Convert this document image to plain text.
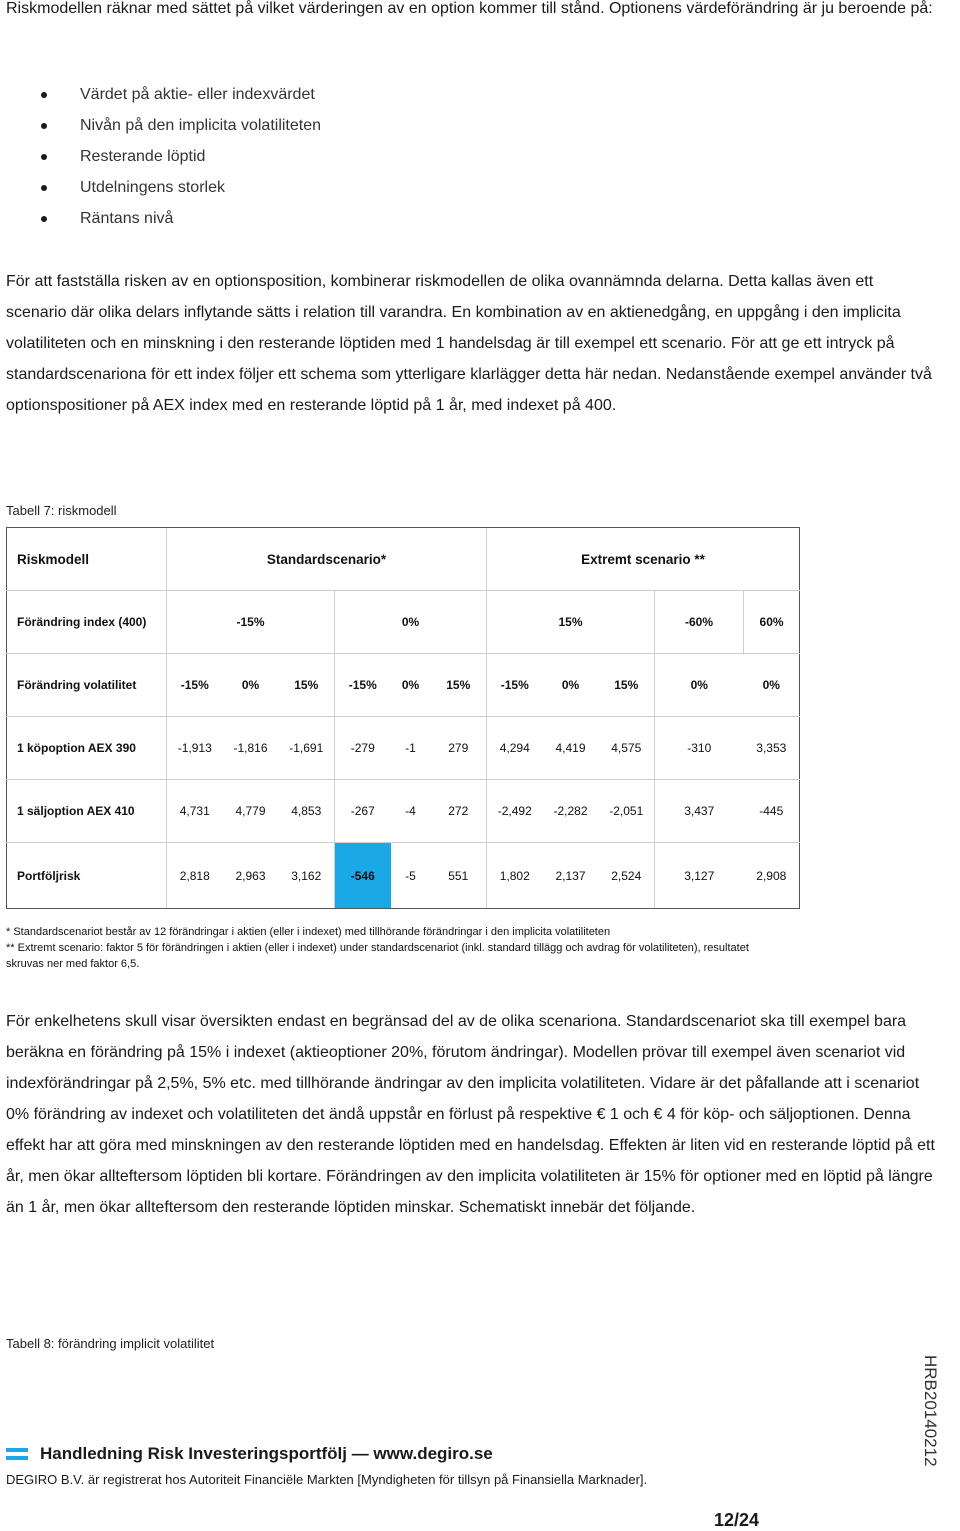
Riskmodellen räknar med sättet på vilket värderingen av en option kommer till stånd. Optionens värdeförändring är ju beroende på:

Värdet på aktie- eller indexvärdet
Nivån på den implicita volatiliteten
Resterande löptid
Utdelningens storlek
Räntans nivå

För att fastställa risken av en optionsposition, kombinerar riskmodellen de olika ovannämnda delarna. Detta kallas även ett scenario där olika delars inflytande sätts i relation till varandra. En kombination av en aktienedgång, en uppgång i den implicita volatiliteten och en minskning i den resterande löptiden med 1 handelsdag är till exempel ett scenario. För att ge ett intryck på standardscenariona för ett index följer ett schema som ytterligare klarlägger detta här nedan. Nedanstående exempel använder två optionspositioner på AEX index med en resterande löptid på 1 år, med indexet på 400.

Tabell 7: riskmodell
Riskmodell	Standardscenario*						Extremt scenario **				
Förändring index (400)	-15%			0%			15%			-60%	60%
Förändring volatilitet	-15%	0%	15%	-15%	0%	15%	-15%	0%	15%	0%	0%
1 köpoption AEX 390	-1,913	-1,816	-1,691	-279	-1	279	4,294	4,419	4,575	-310	3,353
1 säljoption AEX 410	4,731	4,779	4,853	-267	-4	272	-2,492	-2,282	-2,051	3,437	-445
Portföljrisk	2,818	2,963	3,162	-546	-5	551	1,802	2,137	2,524	3,127	2,908
* Standardscenariot består av 12 förändringar i aktien (eller i indexet) med tillhörande förändringar i den implicita volatiliteten
** Extremt scenario: faktor 5 för förändringen i aktien (eller i indexet) under standardscenariot (inkl. standard tillägg och avdrag för volatiliteten), resultatet skruvas ner med faktor 6,5.

För enkelhetens skull visar översikten endast en begränsad del av de olika scenariona. Standardscenariot ska till exempel bara beräkna en förändring på 15% i indexet (aktieoptioner 20%, förutom ändringar). Modellen prövar till exempel även scenariot vid indexförändringar på 2,5%, 5% etc. med tillhörande ändringar av den implicita volatiliteten. Vidare är det påfallande att i scenariot 0% förändring av indexet och volatiliteten det ändå uppstår en förlust på respektive € 1 och € 4 för köp- och säljoptionen. Denna effekt har att göra med minskningen av den resterande löptiden med en handelsdag. Effekten är liten vid en resterande löptid på ett år, men ökar allteftersom löptiden bli kortare. Förändringen av den implicita volatiliteten är 15% för optioner med en löptid på längre än 1 år, men ökar allteftersom den resterande löptiden minskar. Schematiskt innebär det följande.

Tabell 8: förändring implicit volatilitet
Handledning Risk Investeringsportfölj — www.degiro.se
DEGIRO B.V. är registrerat hos Autoriteit Financiële Markten [Myndigheten för tillsyn på Finansiella Marknader].
12/24
HRB20140212
